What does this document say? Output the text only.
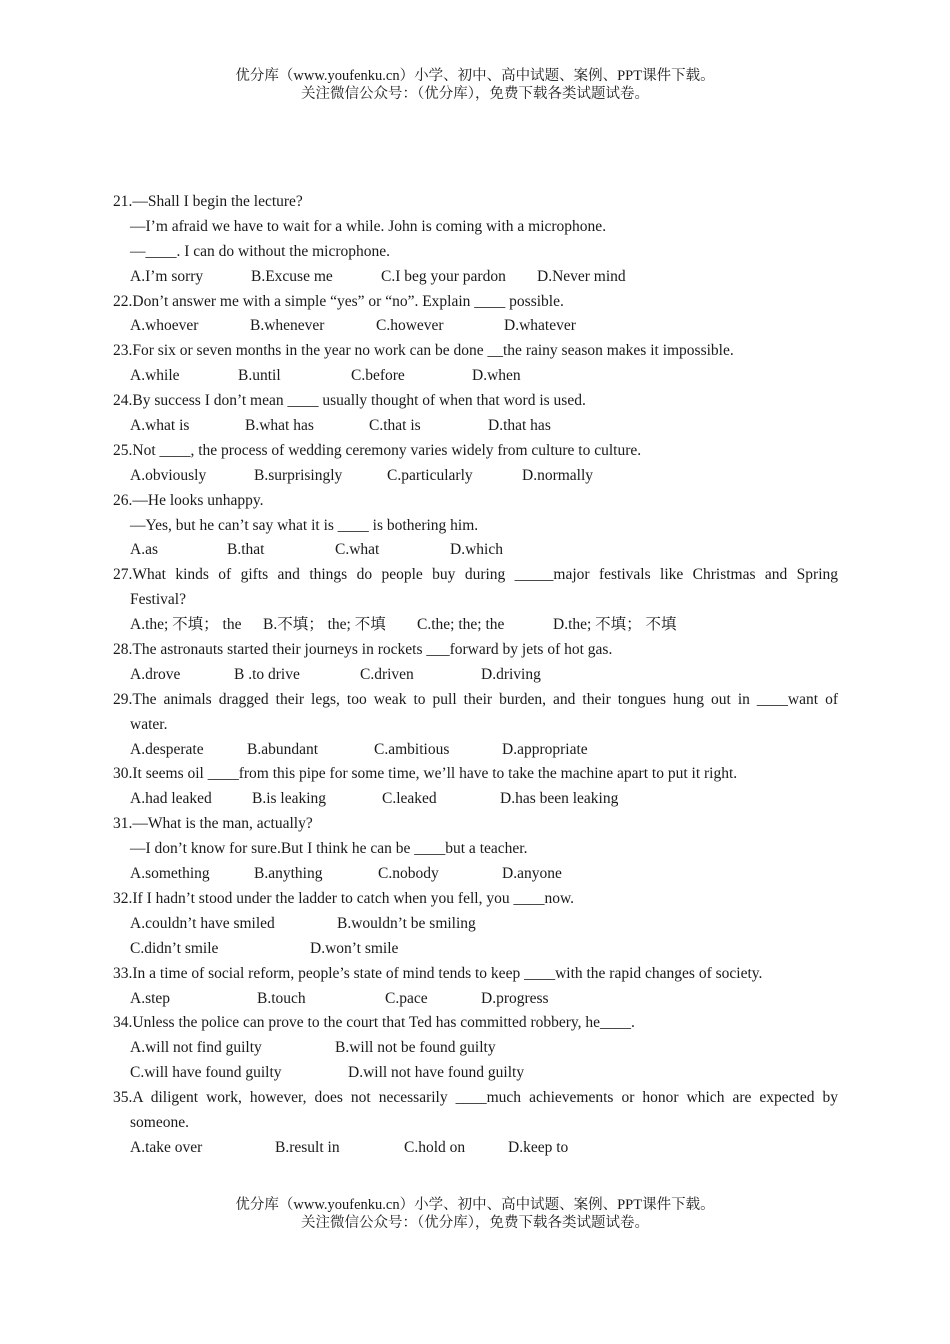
优分库（www.youfenku.cn）小学、初中、高中试题、案例、PPT课件下载。
关注微信公众号：（优分库），免费下载各类试题试卷。
21.—Shall I begin the lecture?
—I’m afraid we have to wait for a while. John is coming with a microphone.
—____. I can do without the microphone.
A.I’m sorry	B.Excuse me	C.I beg your pardon D.Never mind
22.Don’t answer me with a simple “yes” or “no”. Explain ____ possible.
A.whoever	B.whenever	C.however	D.whatever
23.For six or seven months in the year no work can be done __the rainy season makes it impossible.
A.while	B.until	C.before	D.when
24.By success I don’t mean ____ usually thought of when that word is used.
A.what is	B.what has	C.that is	D.that has
25.Not ____, the process of wedding ceremony varies widely from culture to culture.
A.obviously	B.surprisingly	C.particularly	D.normally
26.—He looks unhappy.
—Yes, but he can’t say what it is ____ is bothering him.
A.as	B.that	C.what	D.which
27.What kinds of gifts and things do people buy during _____major festivals like Christmas and Spring
Festival?
A.the; 不填； the B.不填； the; 不填 C.the; the; the	D.the; 不填； 不填
28.The astronauts started their journeys in rockets ___forward by jets of hot gas.
A.drove	B .to drive	C.driven	D.driving
29.The animals dragged their legs, too weak to pull their burden, and their tongues hung out in ____want of
water.
A.desperate	B.abundant	C.ambitious	D.appropriate
30.It seems oil ____from this pipe for some time, we’ll have to take the machine apart to put it right.
A.had leaked	B.is leaking	C.leaked	D.has been leaking
31.—What is the man, actually?
—I don’t know for sure.But I think he can be ____but a teacher.
A.something	B.anything	C.nobody	D.anyone
32.If I hadn’t stood under the ladder to catch when you fell, you ____now.
A.couldn’t have smiled	B.wouldn’t be smiling
C.didn’t smile	D.won’t smile
33.In a time of social reform, people’s state of mind tends to keep ____with the rapid changes of society.
A.step	B.touch	C.pace	D.progress
34.Unless the police can prove to the court that Ted has committed robbery, he____.
A.will not find guilty	B.will not be found guilty
C.will have found guilty	D.will not have found guilty
35.A diligent work, however, does not necessarily ____much achievements or honor which are expected by
someone.
A.take over	B.result in	C.hold on	D.keep to
优分库（www.youfenku.cn）小学、初中、高中试题、案例、PPT课件下载。
关注微信公众号：（优分库），免费下载各类试题试卷。
